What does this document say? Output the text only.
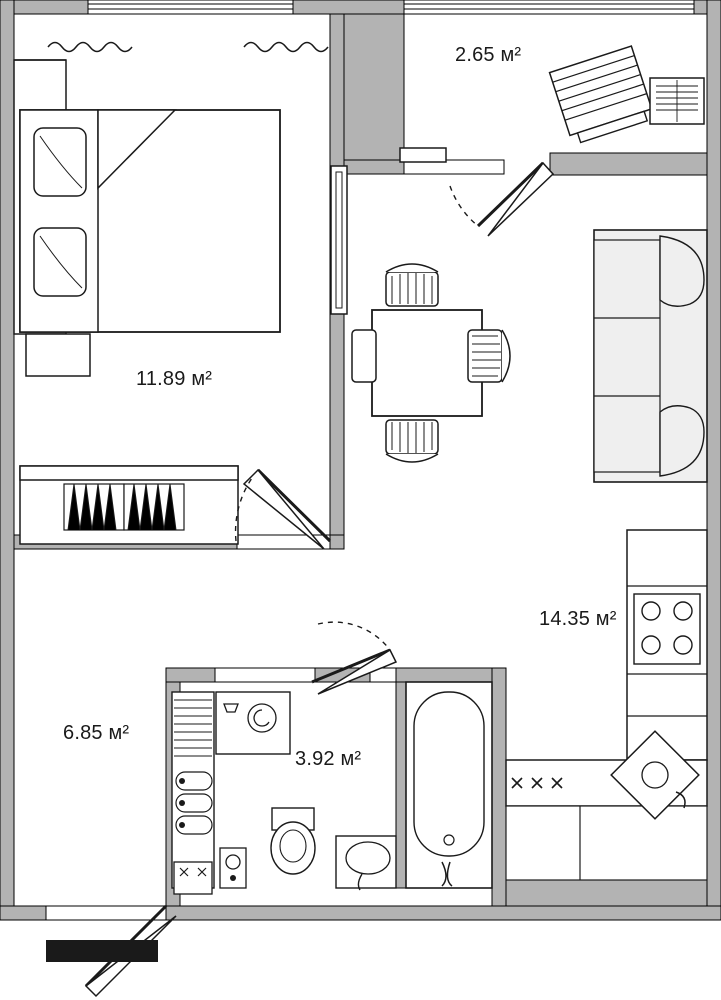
11.89 м²
2.65 м²
14.35 м²
6.85 м²
3.92 м²
